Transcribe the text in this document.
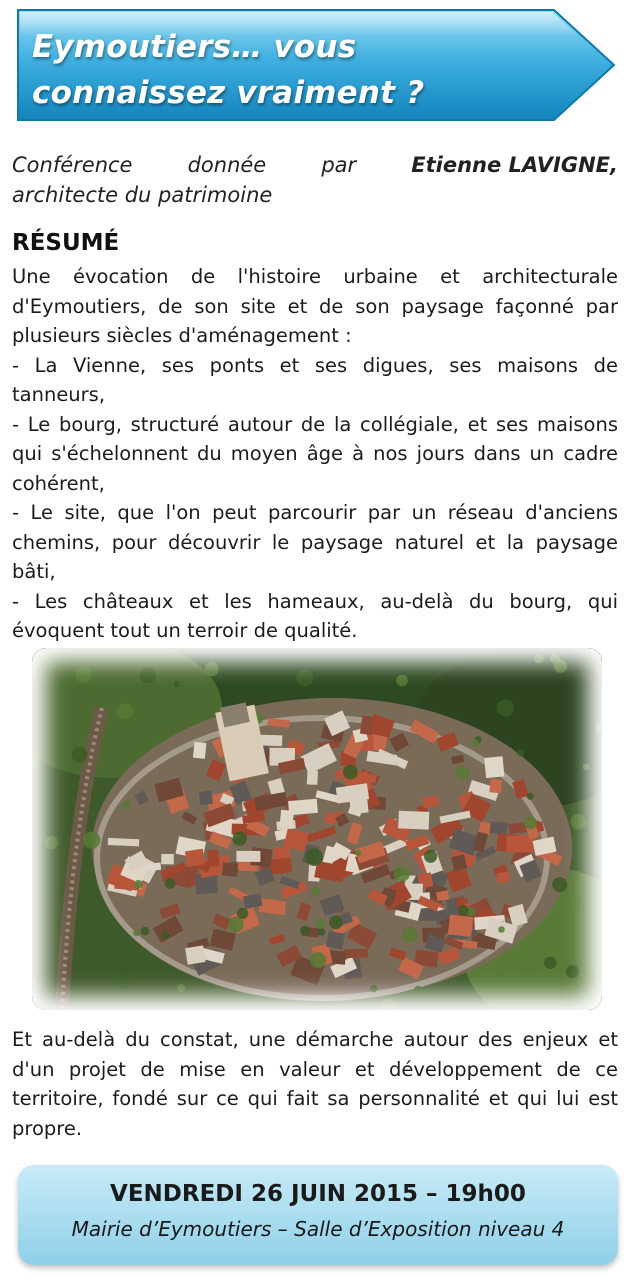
Eymoutiers… vous connaissez vraiment ?
Conférence	donnée	par	Etienne LAVIGNE,
architecte du patrimoine
RÉSUMÉ

Une évocation de l'histoire urbaine et architecturale d'Eymoutiers, de son site et de son paysage façonné par plusieurs siècles d'aménagement :

- La Vienne, ses ponts et ses digues, ses maisons de tanneurs,

- Le bourg, structuré autour de la collégiale, et ses maisons qui s'échelonnent du moyen âge à nos jours dans un cadre cohérent,

- Le site, que l'on peut parcourir par un réseau d'anciens chemins, pour découvrir le paysage naturel et la paysage bâti,

- Les châteaux et les hameaux, au-delà du bourg, qui évoquent tout un terroir de qualité.

Et au-delà du constat, une démarche autour des enjeux et d'un projet de mise en valeur et développement de ce territoire, fondé sur ce qui fait sa personnalité et qui lui est propre.
VENDREDI 26 JUIN 2015 – 19h00
Mairie d’Eymoutiers – Salle d’Exposition niveau 4
